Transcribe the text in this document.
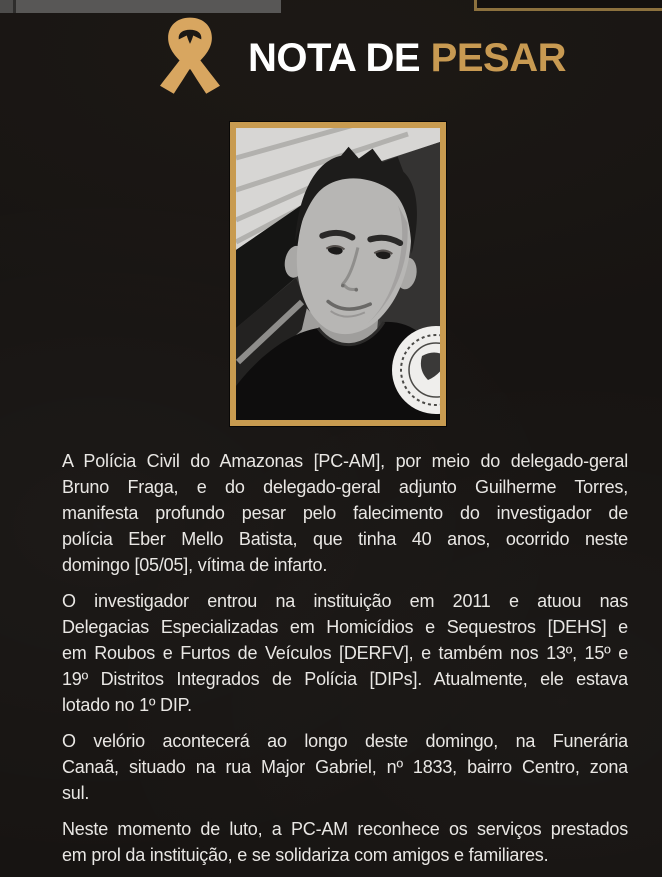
NOTA DE PESAR
A Polícia Civil do Amazonas [PC-AM], por meio do delegado-geral
Bruno Fraga, e do delegado-geral adjunto Guilherme Torres,
manifesta profundo pesar pelo falecimento do investigador de
polícia Eber Mello Batista, que tinha 40 anos, ocorrido neste
domingo [05/05], vítima de infarto.
O investigador entrou na instituição em 2011 e atuou nas
Delegacias Especializadas em Homicídios e Sequestros [DEHS] e
em Roubos e Furtos de Veículos [DERFV], e também nos 13º, 15º e
19º Distritos Integrados de Polícia [DIPs]. Atualmente, ele estava
lotado no 1º DIP.
O velório acontecerá ao longo deste domingo, na Funerária
Canaã, situado na rua Major Gabriel, nº 1833, bairro Centro, zona
sul.
Neste momento de luto, a PC-AM reconhece os serviços prestados
em prol da instituição, e se solidariza com amigos e familiares.
